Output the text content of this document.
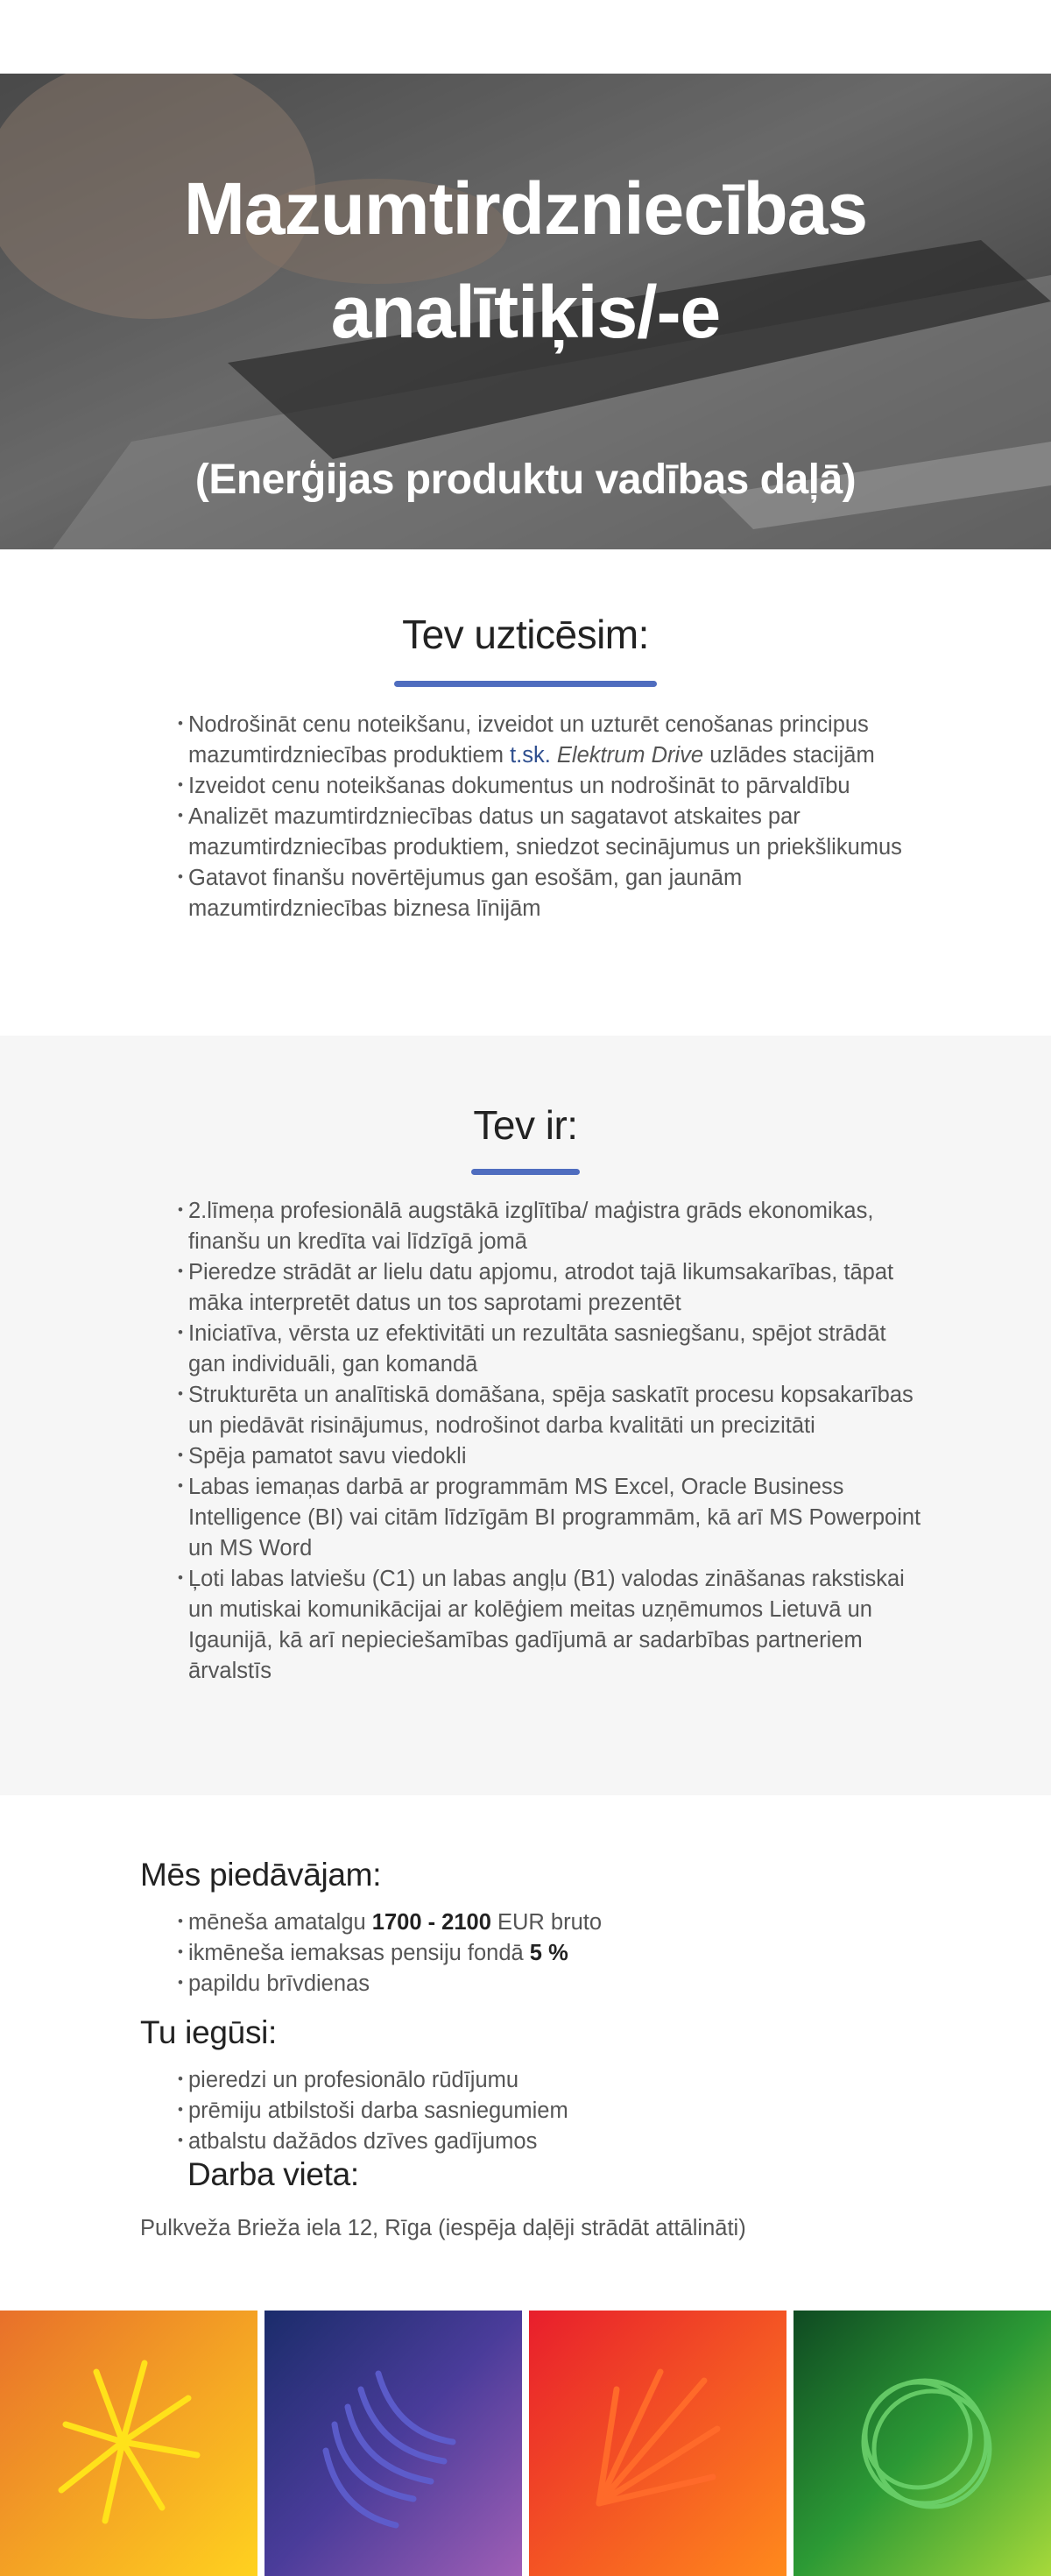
Mazumtirdzniecības
analītiķis/-e
(Enerģijas produktu vadības daļā)
Tev uzticēsim:
• Nodrošināt cenu noteikšanu, izveidot un uzturēt cenošanas principus mazumtirdzniecības produktiem t.sk. Elektrum Drive uzlādes stacijām
• Izveidot cenu noteikšanas dokumentus un nodrošināt to pārvaldību
• Analizēt mazumtirdzniecības datus un sagatavot atskaites par mazumtirdzniecības produktiem, sniedzot secinājumus un priekšlikumus
• Gatavot finanšu novērtējumus gan esošām, gan jaunām mazumtirdzniecības biznesa līnijām
Tev ir:
• 2.līmeņa profesionālā augstākā izglītība/ maģistra grāds ekonomikas, finanšu un kredīta vai līdzīgā jomā
• Pieredze strādāt ar lielu datu apjomu, atrodot tajā likumsakarības, tāpat māka interpretēt datus un tos saprotami prezentēt
• Iniciatīva, vērsta uz efektivitāti un rezultāta sasniegšanu, spējot strādāt gan individuāli, gan komandā
• Strukturēta un analītiskā domāšana, spēja saskatīt procesu kopsakarības un piedāvāt risinājumus, nodrošinot darba kvalitāti un precizitāti
• Spēja pamatot savu viedokli
• Labas iemaņas darbā ar programmām MS Excel, Oracle Business Intelligence (BI) vai citām līdzīgām BI programmām, kā arī MS Powerpoint un MS Word
• Ļoti labas latviešu (C1) un labas angļu (B1) valodas zināšanas rakstiskai un mutiskai komunikācijai ar kolēģiem meitas uzņēmumos Lietuvā un Igaunijā, kā arī nepieciešamības gadījumā ar sadarbības partneriem ārvalstīs
Mēs piedāvājam:
• mēneša amatalgu 1700 - 2100 EUR bruto
• ikmēneša iemaksas pensiju fondā 5 %
• papildu brīvdienas
Tu iegūsi:
• pieredzi un profesionālo rūdījumu
• prēmiju atbilstoši darba sasniegumiem
• atbalstu dažādos dzīves gadījumos
Darba vieta:
Pulkveža Brieža iela 12, Rīga (iespēja daļēji strādāt attālināti)
